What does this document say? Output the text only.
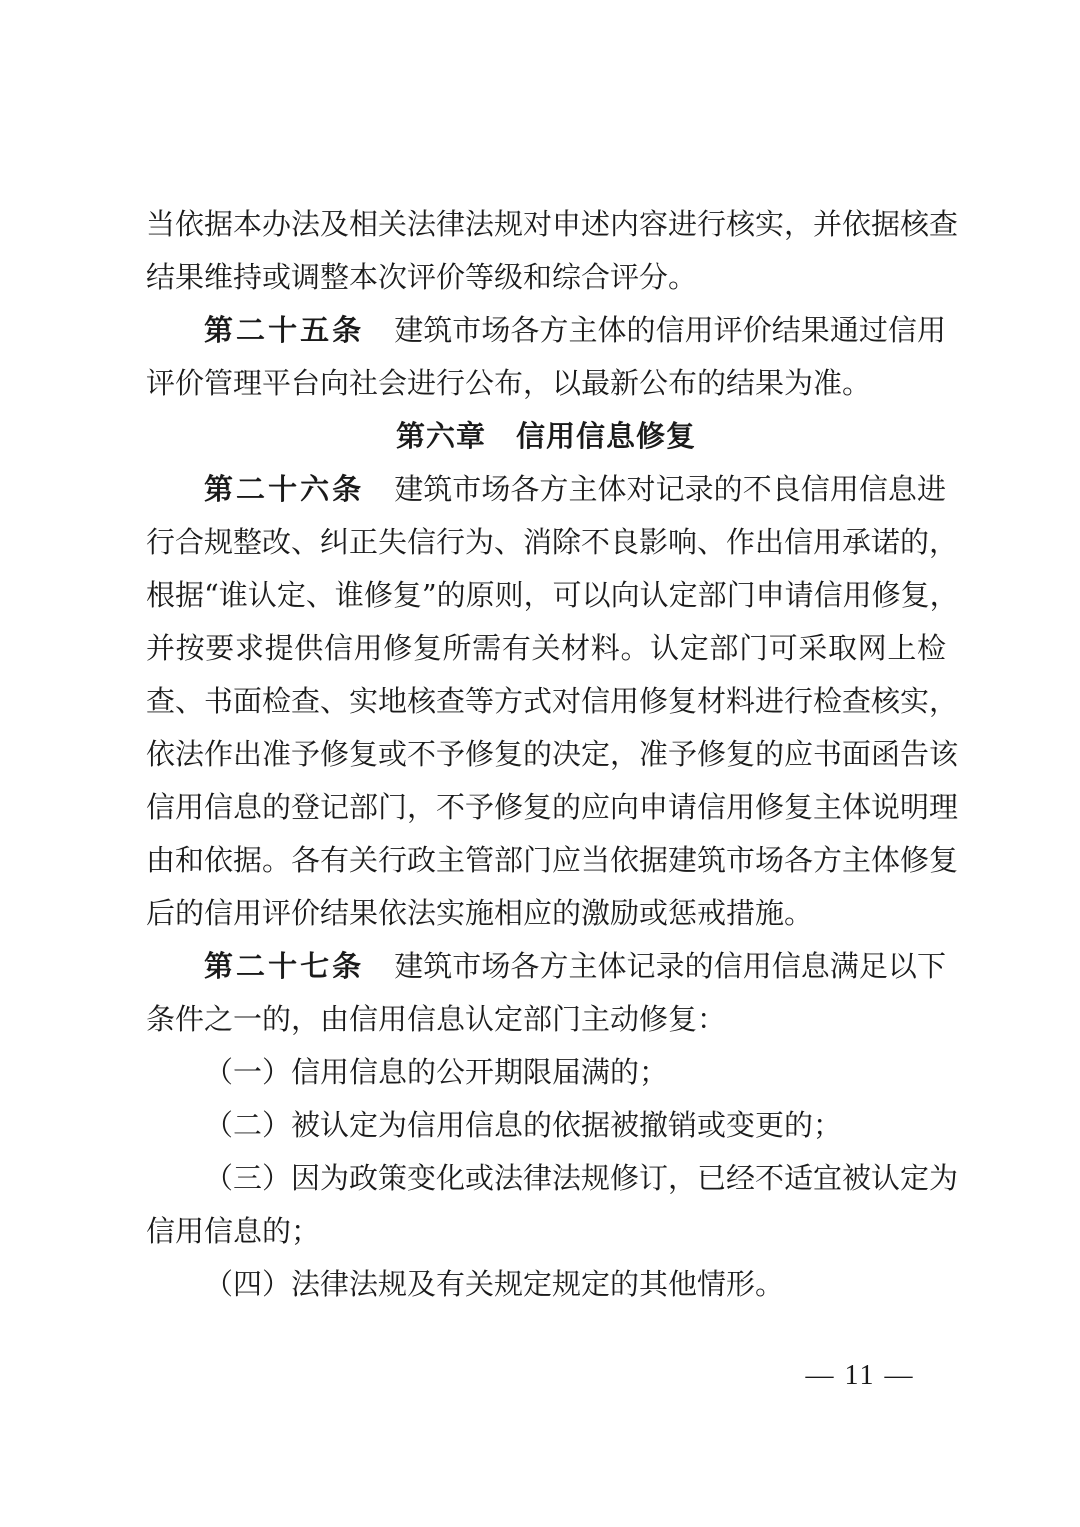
当依据本办法及相关法律法规对申述内容进行核实，并依据核查
结果维持或调整本次评价等级和综合评分。
第二十五条 建筑市场各方主体的信用评价结果通过信用
评价管理平台向社会进行公布，以最新公布的结果为准。
第六章 信用信息修复
第二十六条 建筑市场各方主体对记录的不良信用信息进
行合规整改、纠正失信行为、消除不良影响、作出信用承诺的，
根据“谁认定、谁修复”的原则，可以向认定部门申请信用修复，
并按要求提供信用修复所需有关材料。认定部门可采取网上检
查、书面检查、实地核查等方式对信用修复材料进行检查核实，
依法作出准予修复或不予修复的决定，准予修复的应书面函告该
信用信息的登记部门，不予修复的应向申请信用修复主体说明理
由和依据。各有关行政主管部门应当依据建筑市场各方主体修复
后的信用评价结果依法实施相应的激励或惩戒措施。
第二十七条 建筑市场各方主体记录的信用信息满足以下
条件之一的，由信用信息认定部门主动修复：
（一）信用信息的公开期限届满的；
（二）被认定为信用信息的依据被撤销或变更的；
（三）因为政策变化或法律法规修订，已经不适宜被认定为
信用信息的；
（四）法律法规及有关规定规定的其他情形。
— 11 —
